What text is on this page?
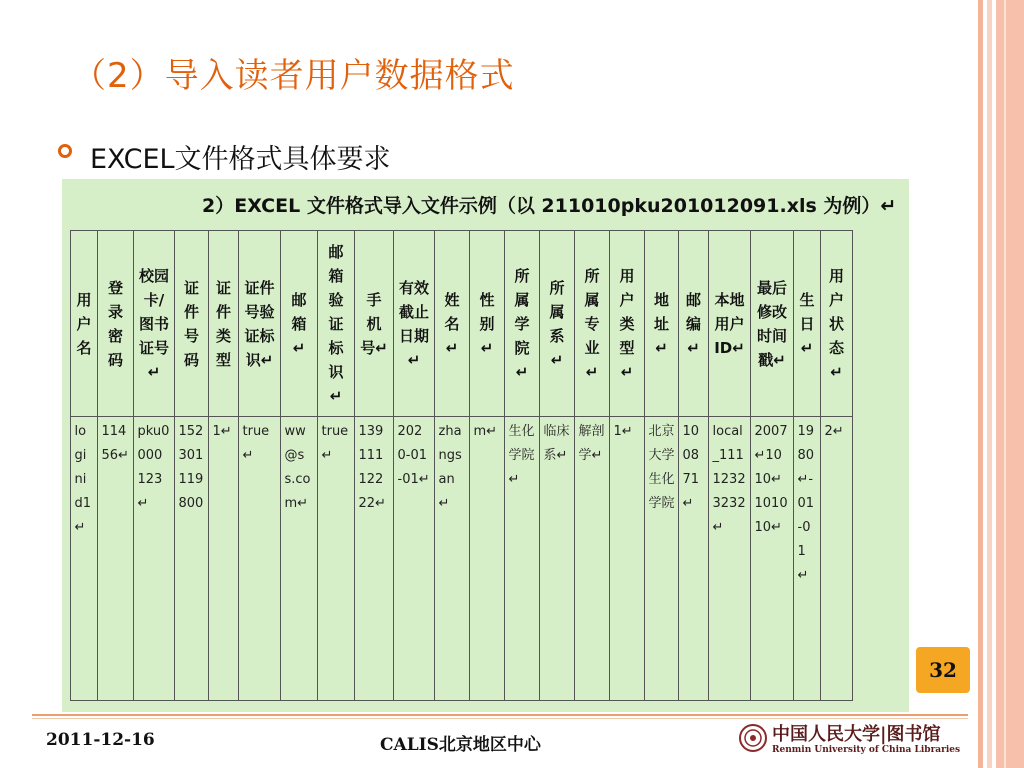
（2）导入读者用户数据格式
EXCEL文件格式具体要求
2）EXCEL 文件格式导入文件示例（以 211010pku201012091.xls 为例）↵
用户名	登录密码	校园卡/图书证号↵	证件号码	证件类型	证件号验证标识↵	邮箱↵	邮箱验证标识↵	手机号↵	有效截止日期↵	姓名↵	性别↵	所属学院↵	所属系↵	所属专业↵	用户类型↵	地址↵	邮编↵	本地用户ID↵	最后修改时间戳↵	生日↵	用户状态↵

logini d1↵	11456↵	pku0000123↵	152301119800	1↵	true↵	ww@ss.com↵	true↵	13911112222↵	2020-01-01↵	zhangsan↵	m↵	生化学院↵	临床系↵	解剖学↵	1↵	北京大学生化学院	100871↵	local_11112323232↵	2007↵1010↵101010↵	1980↵-01-01↵	2↵
32
2011-12-16	CALIS北京地区中心	中国人民大学|图书馆
Renmin University of China Libraries
